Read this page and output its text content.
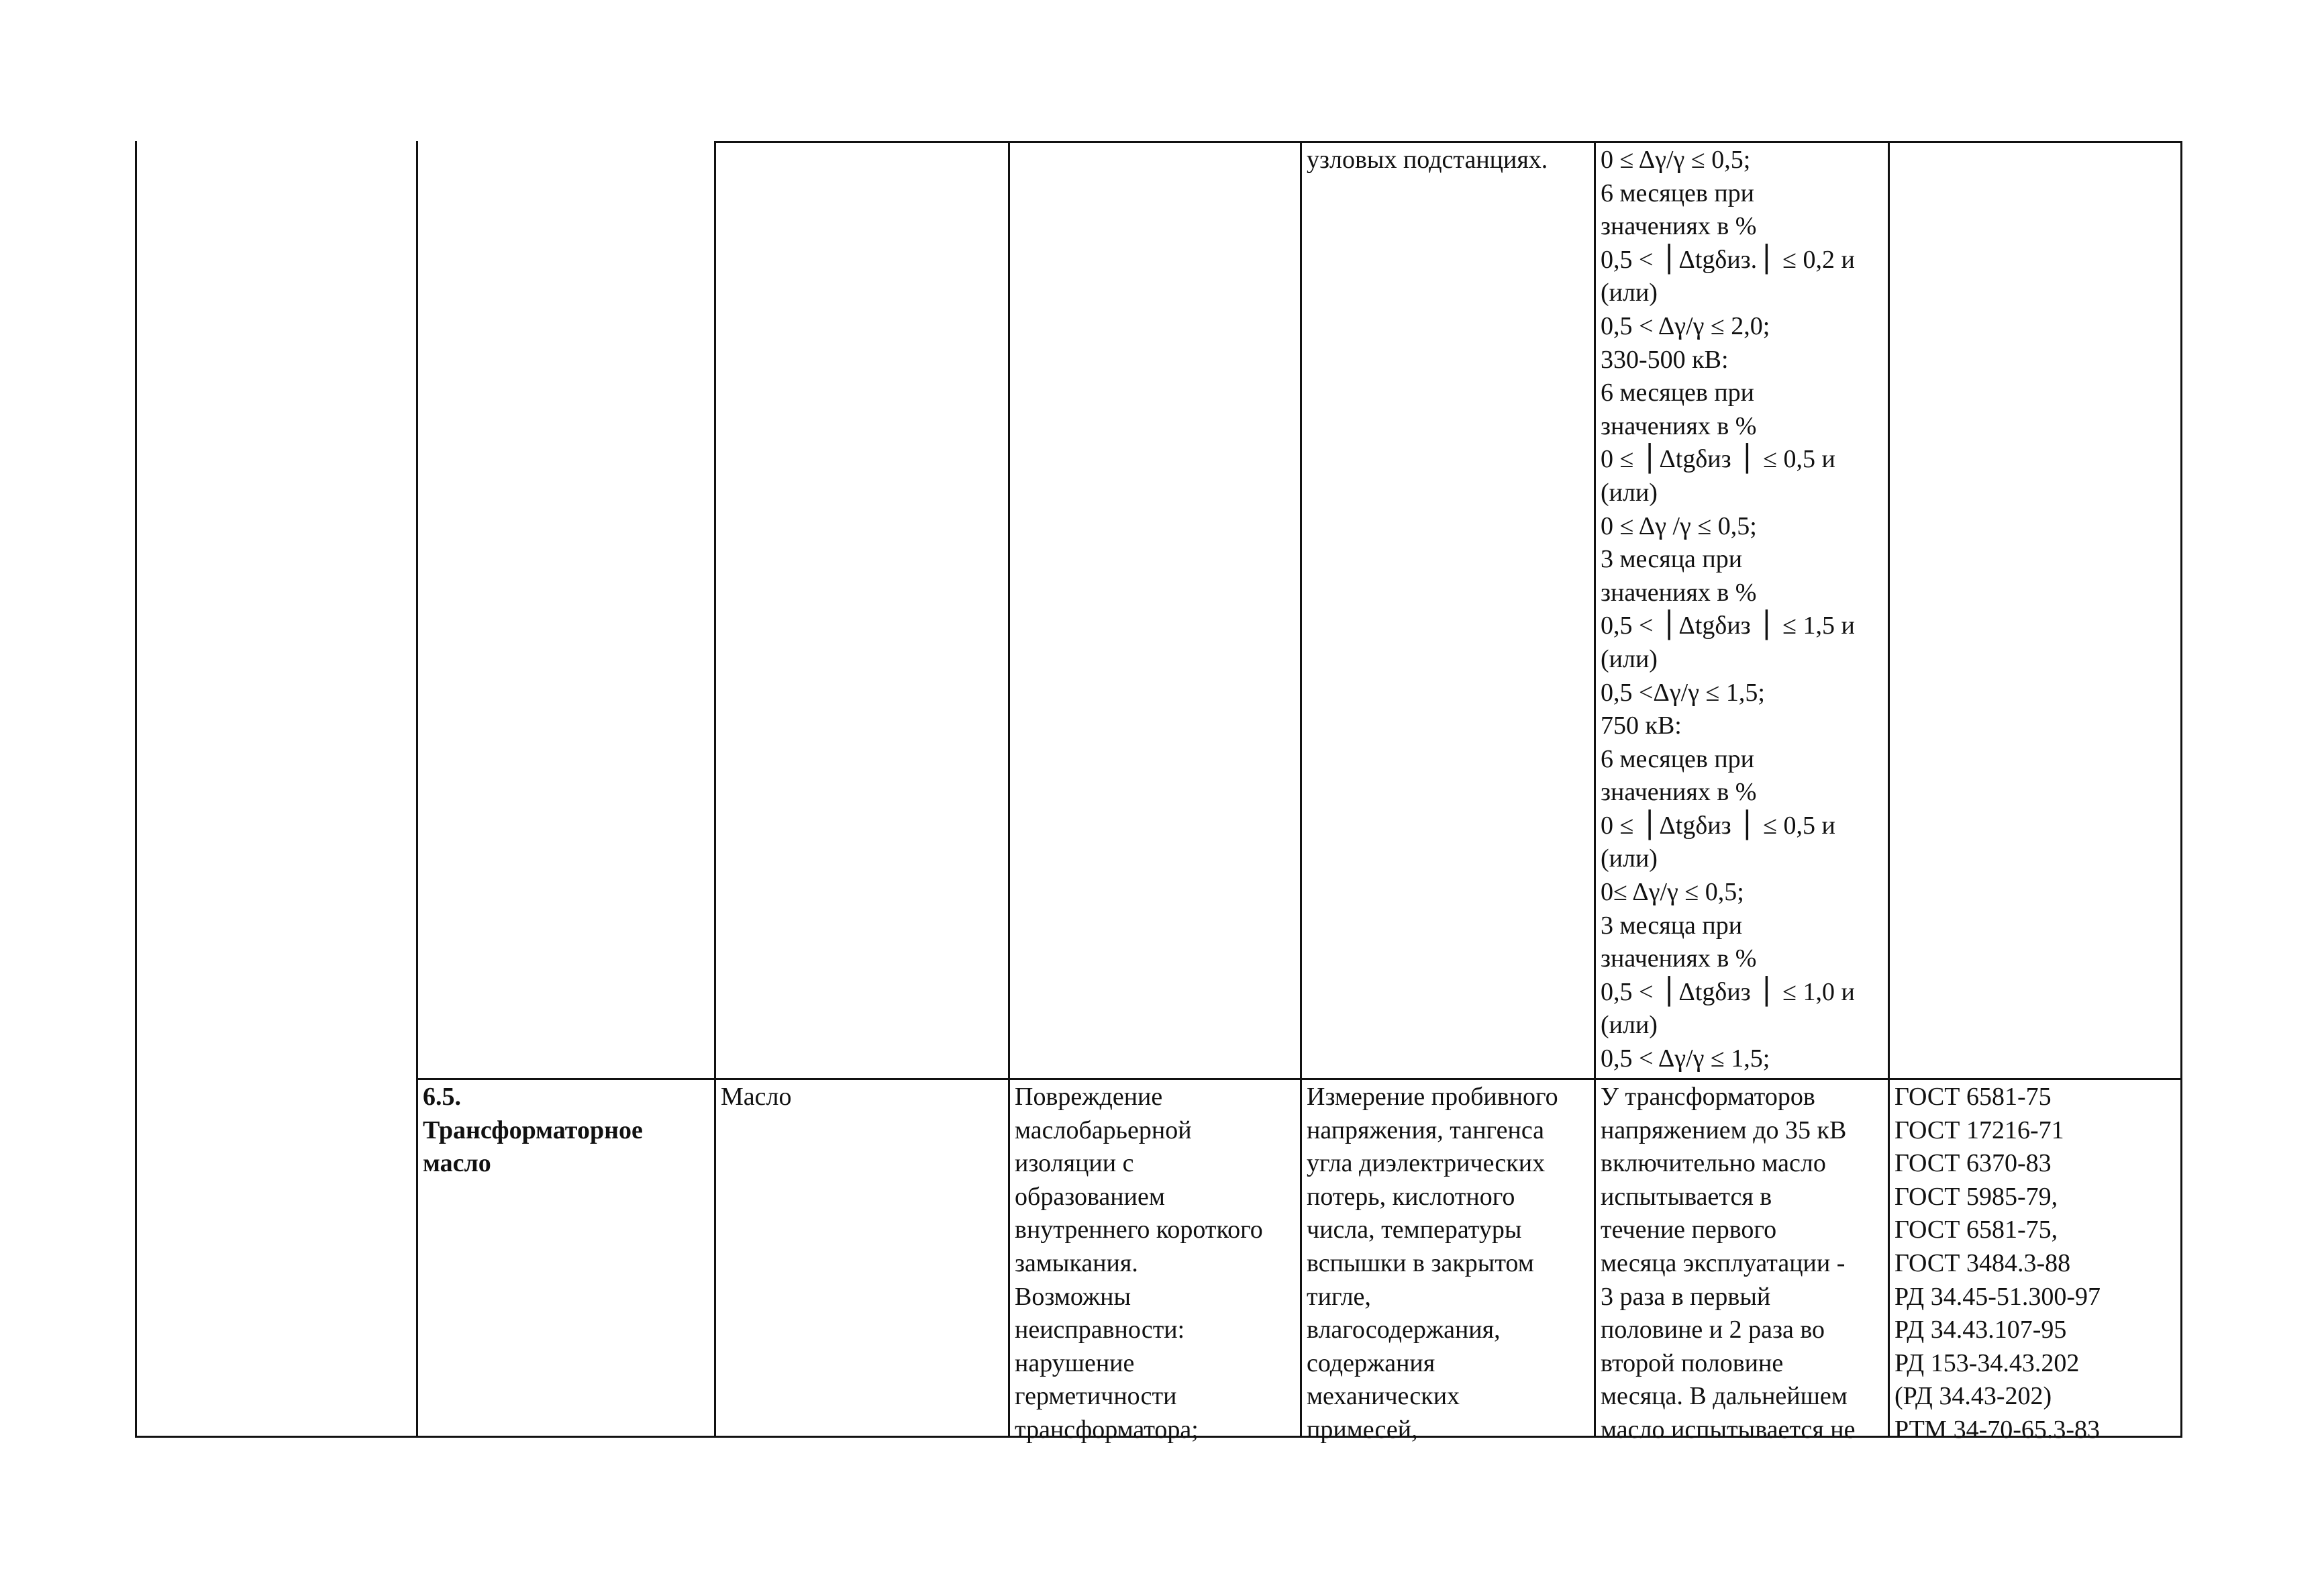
узловых подстанциях. 0 ≤ Δγ/γ ≤ 0,5;
6 месяцев при
значениях в %
0,5 < ⎪Δtgδиз.⎪ ≤ 0,2 и
(или)
0,5 < Δγ/γ ≤ 2,0;
330-500 кВ:
6 месяцев при
значениях в %
0 ≤ ⎪Δtgδиз ⎪ ≤ 0,5 и
(или)
0 ≤ Δγ /γ ≤ 0,5;
3 месяца при
значениях в %
0,5 < ⎪Δtgδиз ⎪ ≤ 1,5 и
(или)
0,5 <Δγ/γ ≤ 1,5;
750 кВ:
6 месяцев при
значениях в %
0 ≤ ⎪Δtgδиз ⎪ ≤ 0,5 и
(или)
0≤ Δγ/γ ≤ 0,5;
3 месяца при
значениях в %
0,5 < ⎪Δtgδиз ⎪ ≤ 1,0 и
(или)
0,5 < Δγ/γ ≤ 1,5;
6.5.
Трансформаторное
масло
Масло	Повреждение
маслобарьерной
изоляции с
образованием
внутреннего короткого
замыкания.
Возможны
неисправности:
нарушение
герметичности
трансформатора;
Измерение пробивного
напряжения, тангенса
угла диэлектрических
потерь, кислотного
числа, температуры
вспышки в закрытом
тигле,
влагосодержания,
содержания
механических
примесей,
У трансформаторов
напряжением до 35 кВ
включительно масло
испытывается в
течение первого
месяца эксплуатации -
3 раза в первый
половине и 2 раза во
второй половине
месяца. В дальнейшем
масло испытывается не
ГОСТ 6581-75
ГОСТ 17216-71
ГОСТ 6370-83
ГОСТ 5985-79,
ГОСТ 6581-75,
ГОСТ 3484.3-88
РД 34.45-51.300-97
РД 34.43.107-95
РД 153-34.43.202
(РД 34.43-202)
РТМ 34-70-65.3-83
